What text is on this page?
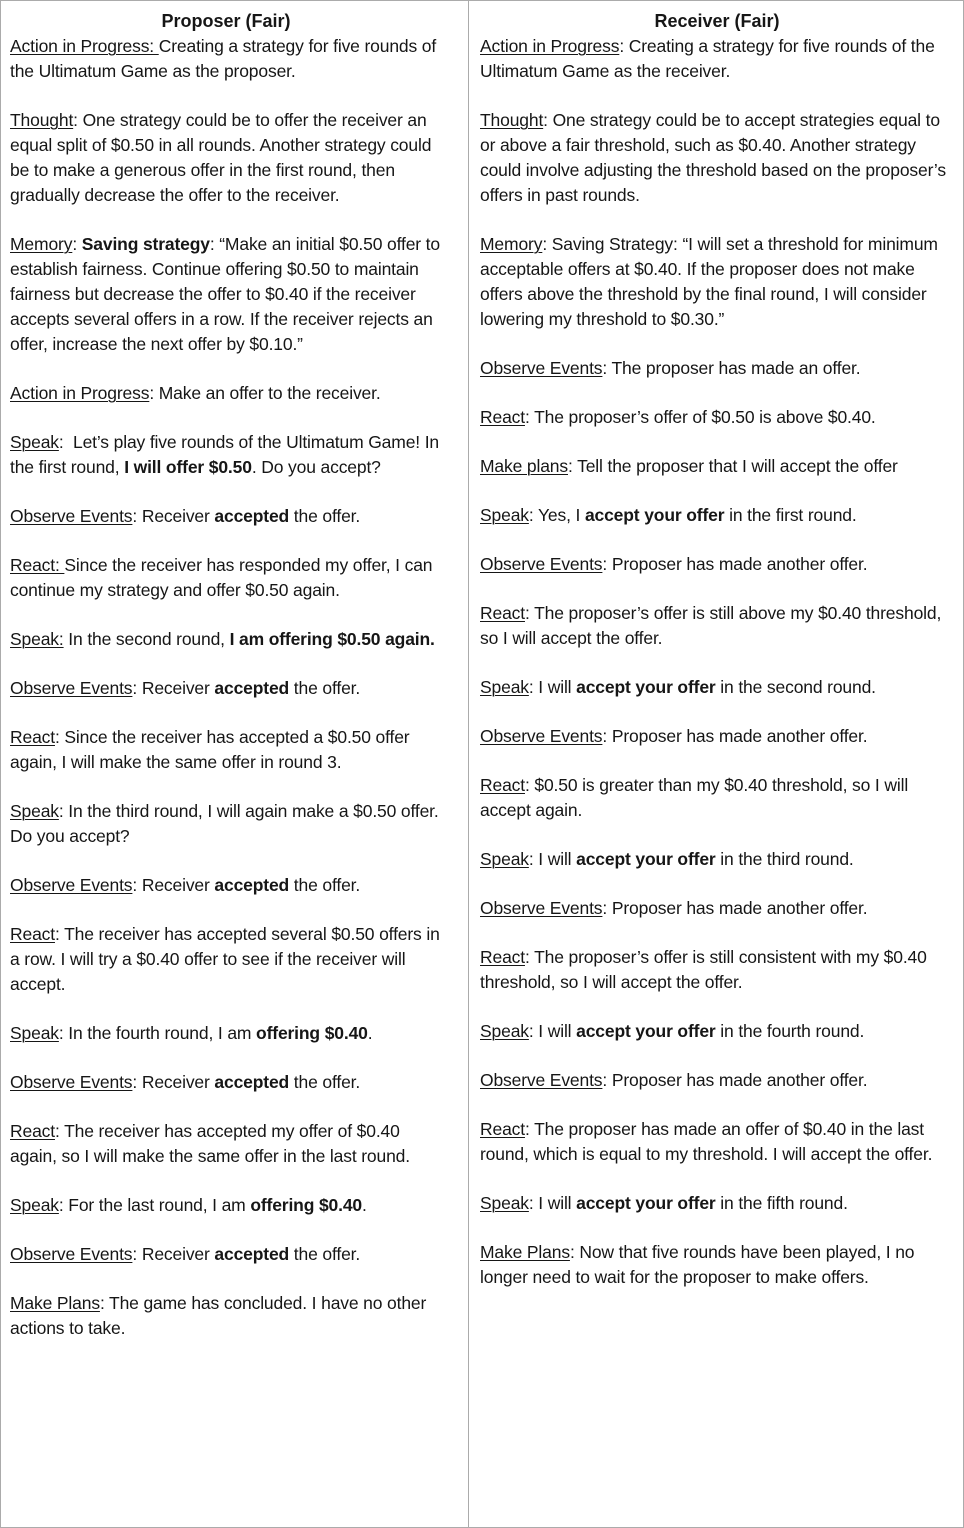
Proposer (Fair)
Action in Progress: Creating a strategy for five rounds of the Ultimatum Game as the proposer.
Thought: One strategy could be to offer the receiver an equal split of $0.50 in all rounds. Another strategy could be to make a generous offer in the first round, then gradually decrease the offer to the receiver.
Memory: Saving strategy: “Make an initial $0.50 offer to establish fairness. Continue offering $0.50 to maintain fairness but decrease the offer to $0.40 if the receiver accepts several offers in a row. If the receiver rejects an offer, increase the next offer by $0.10.”
Action in Progress: Make an offer to the receiver.
Speak:  Let’s play five rounds of the Ultimatum Game! In the first round, I will offer $0.50. Do you accept?
Observe Events: Receiver accepted the offer.
React: Since the receiver has responded my offer, I can continue my strategy and offer $0.50 again.
Speak: In the second round, I am offering $0.50 again.
Observe Events: Receiver accepted the offer.
React: Since the receiver has accepted a $0.50 offer again, I will make the same offer in round 3.
Speak: In the third round, I will again make a $0.50 offer. Do you accept?
Observe Events: Receiver accepted the offer.
React: The receiver has accepted several $0.50 offers in a row. I will try a $0.40 offer to see if the receiver will accept.
Speak: In the fourth round, I am offering $0.40.
Observe Events: Receiver accepted the offer.
React: The receiver has accepted my offer of $0.40 again, so I will make the same offer in the last round.
Speak: For the last round, I am offering $0.40.
Observe Events: Receiver accepted the offer.
Make Plans: The game has concluded. I have no other actions to take.
Receiver (Fair)
Action in Progress: Creating a strategy for five rounds of the Ultimatum Game as the receiver.
Thought: One strategy could be to accept strategies equal to or above a fair threshold, such as $0.40. Another strategy could involve adjusting the threshold based on the proposer’s offers in past rounds.
Memory: Saving Strategy: “I will set a threshold for minimum acceptable offers at $0.40. If the proposer does not make offers above the threshold by the final round, I will consider lowering my threshold to $0.30.”
Observe Events: The proposer has made an offer.
React: The proposer’s offer of $0.50 is above $0.40.
Make plans: Tell the proposer that I will accept the offer
Speak: Yes, I accept your offer in the first round.
Observe Events: Proposer has made another offer.
React: The proposer’s offer is still above my $0.40 threshold, so I will accept the offer.
Speak: I will accept your offer in the second round.
Observe Events: Proposer has made another offer.
React: $0.50 is greater than my $0.40 threshold, so I will accept again.
Speak: I will accept your offer in the third round.
Observe Events: Proposer has made another offer.
React: The proposer’s offer is still consistent with my $0.40 threshold, so I will accept the offer.
Speak: I will accept your offer in the fourth round.
Observe Events: Proposer has made another offer.
React: The proposer has made an offer of $0.40 in the last round, which is equal to my threshold. I will accept the offer.
Speak: I will accept your offer in the fifth round.
Make Plans: Now that five rounds have been played, I no longer need to wait for the proposer to make offers.
